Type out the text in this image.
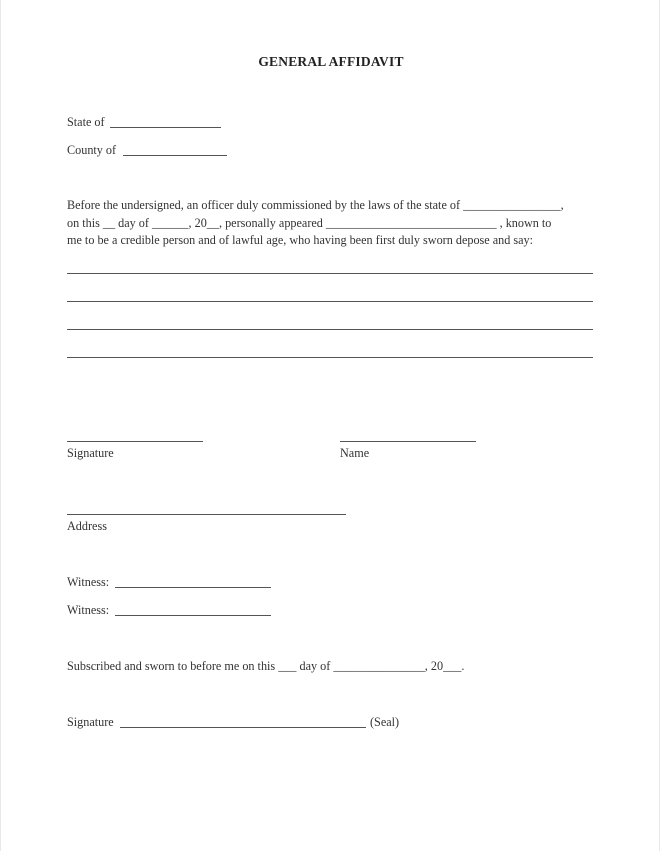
GENERAL AFFIDAVIT
State of
County of
Before the undersigned, an officer duly commissioned by the laws of the state of ________________,
on this __ day of ______, 20__, personally appeared ____________________________ , known to
me to be a credible person and of lawful age, who having been first duly sworn depose and say:
Signature	Name
Address
Witness:
Witness:
Subscribed and sworn to before me on this ___ day of _______________, 20___.
Signature	(Seal)
